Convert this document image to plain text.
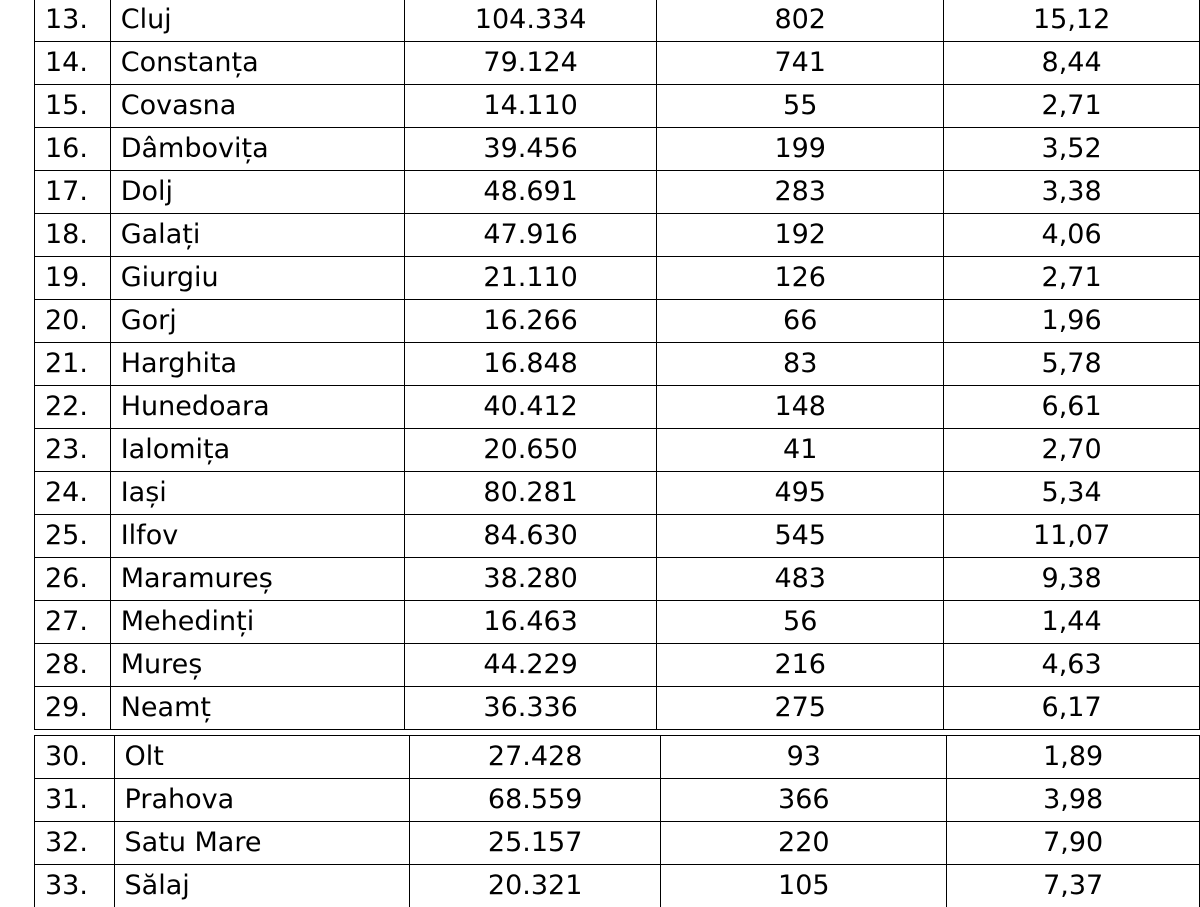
13.	Cluj	104.334	802	15,12
14.	Constanța	79.124	741	8,44
15.	Covasna	14.110	55	2,71
16.	Dâmbovița	39.456	199	3,52
17.	Dolj	48.691	283	3,38
18.	Galați	47.916	192	4,06
19.	Giurgiu	21.110	126	2,71
20.	Gorj	16.266	66	1,96
21.	Harghita	16.848	83	5,78
22.	Hunedoara	40.412	148	6,61
23.	Ialomița	20.650	41	2,70
24.	Iași	80.281	495	5,34
25.	Ilfov	84.630	545	11,07
26.	Maramureș	38.280	483	9,38
27.	Mehedinți	16.463	56	1,44
28.	Mureș	44.229	216	4,63
29.	Neamț	36.336	275	6,17
30.	Olt	27.428	93	1,89
31.	Prahova	68.559	366	3,98
32.	Satu Mare	25.157	220	7,90
33.	Sălaj	20.321	105	7,37
